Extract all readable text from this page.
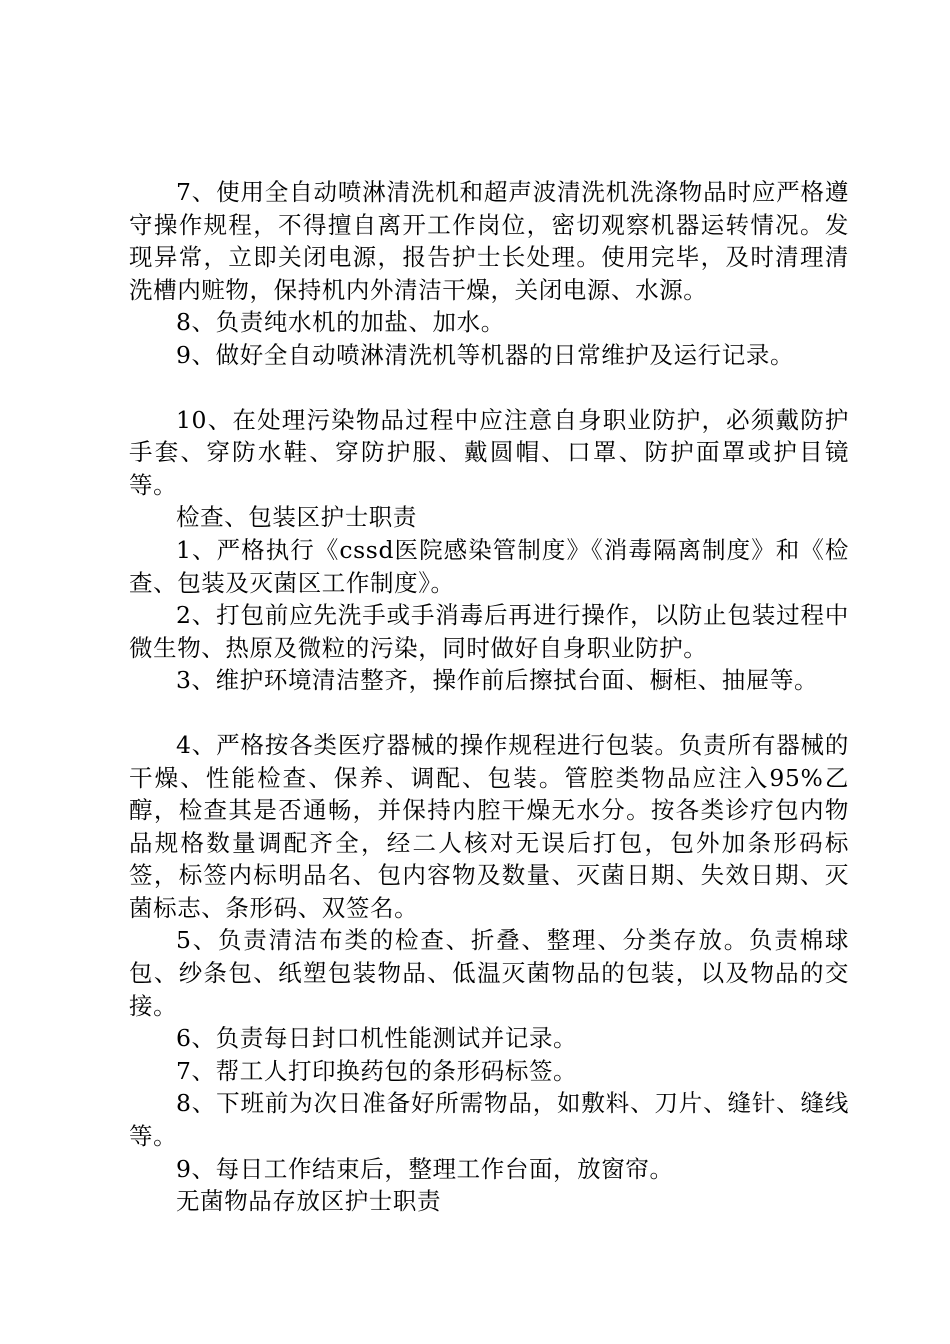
7、使用全自动喷淋清洗机和超声波清洗机洗涤物品时应严格遵守操作规程，不得擅自离开工作岗位，密切观察机器运转情况。发现异常，立即关闭电源，报告护士长处理。使用完毕，及时清理清洗槽内赃物，保持机内外清洁干燥，关闭电源、水源。

8、负责纯水机的加盐、加水。

9、做好全自动喷淋清洗机等机器的日常维护及运行记录。

10、在处理污染物品过程中应注意自身职业防护，必须戴防护手套、穿防水鞋、穿防护服、戴圆帽、口罩、防护面罩或护目镜等。

检查、包装区护士职责

1、严格执行《cssd医院感染管制度》《消毒隔离制度》和《检查、包装及灭菌区工作制度》。

2、打包前应先洗手或手消毒后再进行操作，以防止包装过程中微生物、热原及微粒的污染，同时做好自身职业防护。

3、维护环境清洁整齐，操作前后擦拭台面、橱柜、抽屉等。

4、严格按各类医疗器械的操作规程进行包装。负责所有器械的干燥、性能检查、保养、调配、包装。管腔类物品应注入95%乙醇，检查其是否通畅，并保持内腔干燥无水分。按各类诊疗包内物品规格数量调配齐全，经二人核对无误后打包，包外加条形码标签，标签内标明品名、包内容物及数量、灭菌日期、失效日期、灭菌标志、条形码、双签名。

5、负责清洁布类的检查、折叠、整理、分类存放。负责棉球包、纱条包、纸塑包装物品、低温灭菌物品的包装，以及物品的交接。

6、负责每日封口机性能测试并记录。

7、帮工人打印换药包的条形码标签。

8、下班前为次日准备好所需物品，如敷料、刀片、缝针、缝线等。

9、每日工作结束后，整理工作台面，放窗帘。

无菌物品存放区护士职责
